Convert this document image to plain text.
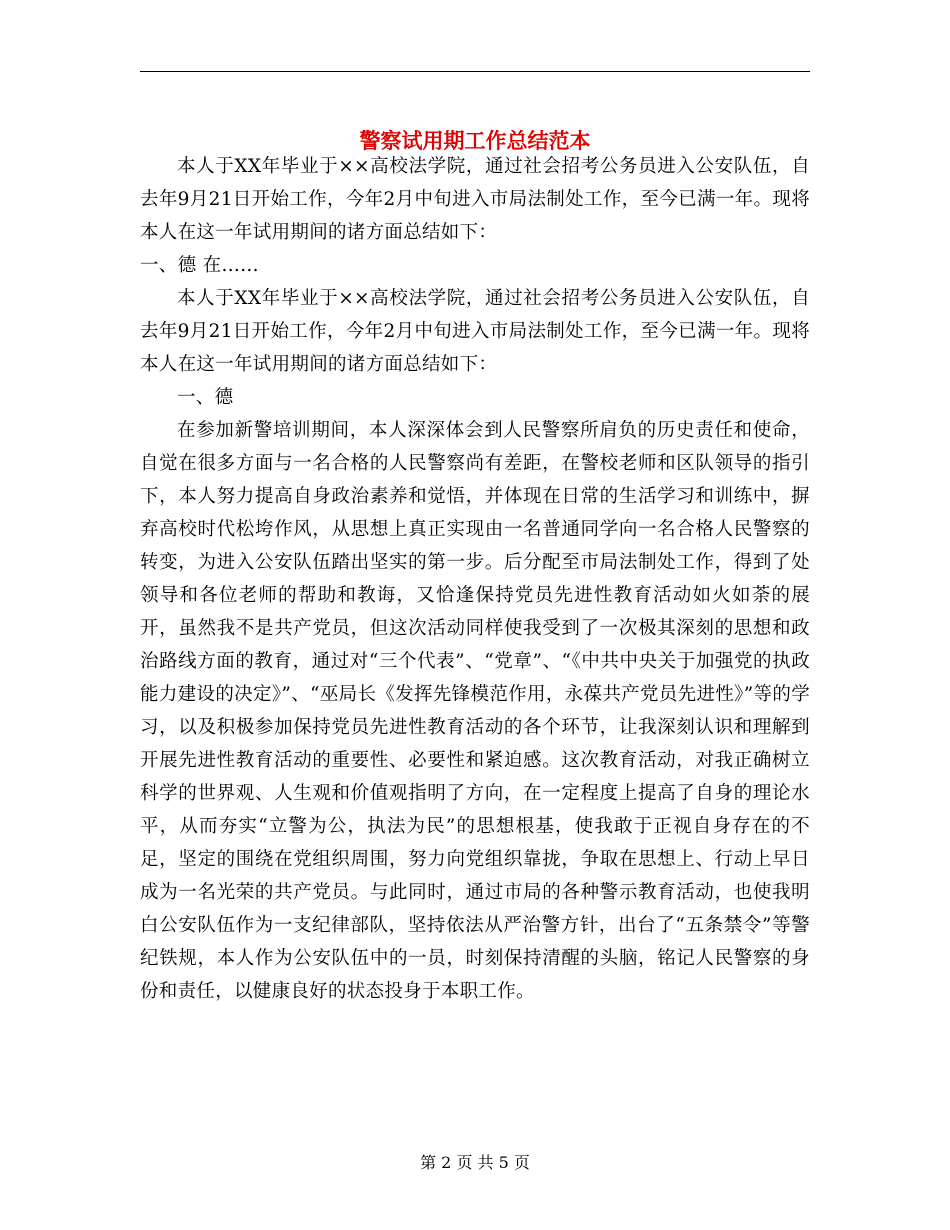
警察试用期工作总结范本

本人于XX年毕业于××高校法学院，通过社会招考公务员进入公安队伍，自去年9月21日开始工作，今年2月中旬进入市局法制处工作，至今已满一年。现将本人在这一年试用期间的诸方面总结如下：

一、德 在……

本人于XX年毕业于××高校法学院，通过社会招考公务员进入公安队伍，自去年9月21日开始工作，今年2月中旬进入市局法制处工作，至今已满一年。现将本人在这一年试用期间的诸方面总结如下：

一、德

在参加新警培训期间，本人深深体会到人民警察所肩负的历史责任和使命，自觉在很多方面与一名合格的人民警察尚有差距，在警校老师和区队领导的指引下，本人努力提高自身政治素养和觉悟，并体现在日常的生活学习和训练中，摒弃高校时代松垮作风，从思想上真正实现由一名普通同学向一名合格人民警察的转变，为进入公安队伍踏出坚实的第一步。后分配至市局法制处工作，得到了处领导和各位老师的帮助和教诲，又恰逢保持党员先进性教育活动如火如荼的展开，虽然我不是共产党员，但这次活动同样使我受到了一次极其深刻的思想和政治路线方面的教育，通过对“三个代表”、“党章”、“《中共中央关于加强党的执政能力建设的决定》”、“巫局长《发挥先锋模范作用，永葆共产党员先进性》”等的学习，以及积极参加保持党员先进性教育活动的各个环节，让我深刻认识和理解到开展先进性教育活动的重要性、必要性和紧迫感。这次教育活动，对我正确树立科学的世界观、人生观和价值观指明了方向，在一定程度上提高了自身的理论水平，从而夯实“立警为公，执法为民”的思想根基，使我敢于正视自身存在的不足，坚定的围绕在党组织周围，努力向党组织靠拢，争取在思想上、行动上早日成为一名光荣的共产党员。与此同时，通过市局的各种警示教育活动，也使我明白公安队伍作为一支纪律部队，坚持依法从严治警方针，出台了“五条禁令”等警纪铁规，本人作为公安队伍中的一员，时刻保持清醒的头脑，铭记人民警察的身份和责任，以健康良好的状态投身于本职工作。

第 2 页 共 5 页
